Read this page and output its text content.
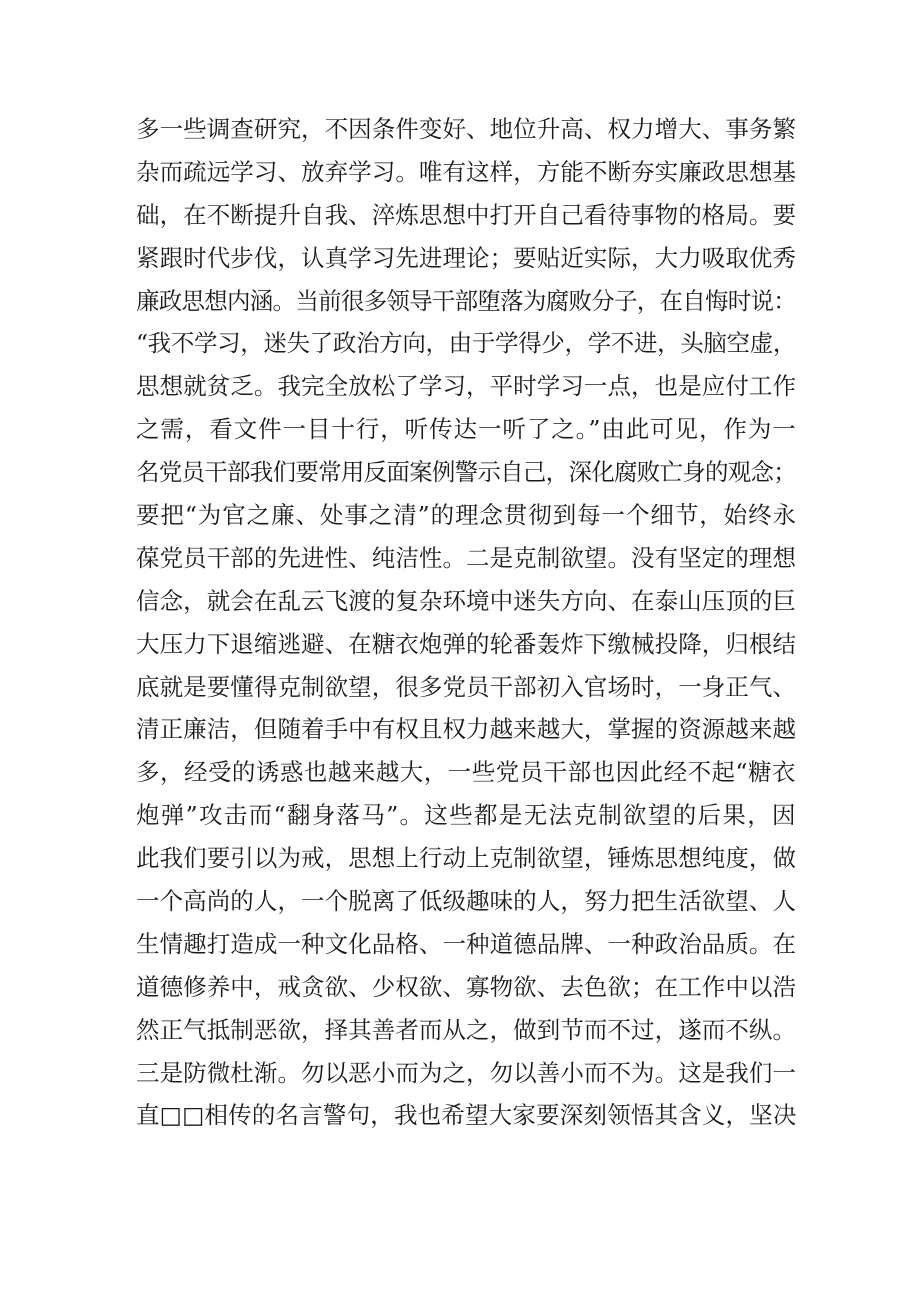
多一些调查研究，不因条件变好、地位升高、权力增大、事务繁
杂而疏远学习、放弃学习。唯有这样，方能不断夯实廉政思想基
础，在不断提升自我、淬炼思想中打开自己看待事物的格局。要
紧跟时代步伐，认真学习先进理论；要贴近实际，大力吸取优秀
廉政思想内涵。当前很多领导干部堕落为腐败分子，在自悔时说：
“我不学习，迷失了政治方向，由于学得少，学不进，头脑空虚，
思想就贫乏。我完全放松了学习，平时学习一点，也是应付工作
之需，看文件一目十行，听传达一听了之。”由此可见，作为一
名党员干部我们要常用反面案例警示自己，深化腐败亡身的观念；
要把“为官之廉、处事之清”的理念贯彻到每一个细节，始终永
葆党员干部的先进性、纯洁性。二是克制欲望。没有坚定的理想
信念，就会在乱云飞渡的复杂环境中迷失方向、在泰山压顶的巨
大压力下退缩逃避、在糖衣炮弹的轮番轰炸下缴械投降，归根结
底就是要懂得克制欲望，很多党员干部初入官场时，一身正气、
清正廉洁，但随着手中有权且权力越来越大，掌握的资源越来越
多，经受的诱惑也越来越大，一些党员干部也因此经不起“糖衣
炮弹”攻击而“翻身落马”。这些都是无法克制欲望的后果，因
此我们要引以为戒，思想上行动上克制欲望，锤炼思想纯度，做
一个高尚的人，一个脱离了低级趣味的人，努力把生活欲望、人
生情趣打造成一种文化品格、一种道德品牌、一种政治品质。在
道德修养中，戒贪欲、少权欲、寡物欲、去色欲；在工作中以浩
然正气抵制恶欲，择其善者而从之，做到节而不过，遂而不纵。
三是防微杜渐。勿以恶小而为之，勿以善小而不为。这是我们一
直□□相传的名言警句，我也希望大家要深刻领悟其含义，坚决
